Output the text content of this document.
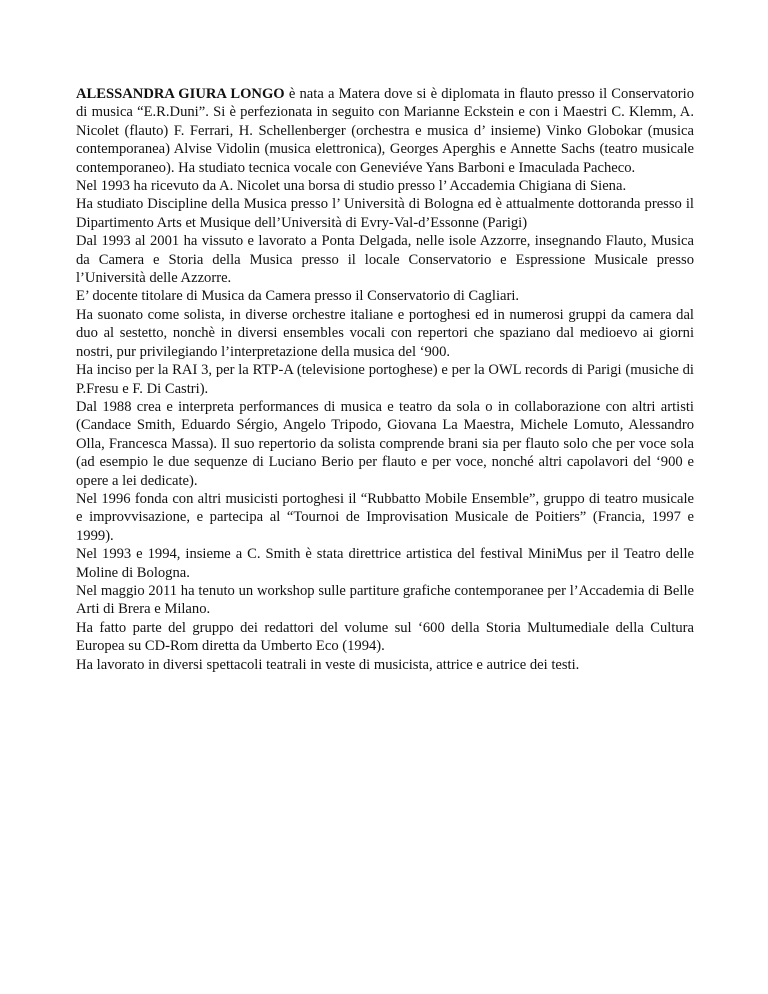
ALESSANDRA GIURA LONGO è nata a Matera dove si è diplomata in flauto presso il Conservatorio di musica “E.R.Duni”. Si è perfezionata in seguito con Marianne Eckstein e con i Maestri C. Klemm, A. Nicolet (flauto) F. Ferrari, H. Schellenberger (orchestra e musica d’ insieme) Vinko Globokar (musica contemporanea) Alvise Vidolin (musica elettronica), Georges Aperghis e Annette Sachs (teatro musicale contemporaneo). Ha studiato tecnica vocale con Geneviéve Yans Barboni e Imaculada Pacheco.

Nel 1993 ha ricevuto da A. Nicolet una borsa di studio presso l’ Accademia Chigiana di Siena.

Ha studiato Discipline della Musica presso l’ Università di Bologna ed è attualmente dottoranda presso il Dipartimento Arts et Musique dell’Università di Evry-Val-d’Essonne (Parigi)

Dal 1993 al 2001 ha vissuto e lavorato a Ponta Delgada, nelle isole Azzorre, insegnando Flauto, Musica da Camera e Storia della Musica presso il locale Conservatorio e Espressione Musicale presso l’Università delle Azzorre.

E’ docente titolare di Musica da Camera presso il Conservatorio di Cagliari.

Ha suonato come solista, in diverse orchestre italiane e portoghesi ed in numerosi gruppi da camera dal duo al sestetto, nonchè in diversi ensembles vocali con repertori che spaziano dal medioevo ai giorni nostri, pur privilegiando l’interpretazione della musica del ‘900.

Ha inciso per la RAI 3, per la RTP-A (televisione portoghese) e per la OWL records di Parigi (musiche di P.Fresu e F. Di Castri).

Dal 1988 crea e interpreta performances di musica e teatro da sola o in collaborazione con altri artisti (Candace Smith, Eduardo Sérgio, Angelo Tripodo, Giovana La Maestra, Michele Lomuto, Alessandro Olla, Francesca Massa). Il suo repertorio da solista comprende brani sia per flauto solo che per voce sola (ad esempio le due sequenze di Luciano Berio per flauto e per voce, nonché altri capolavori del ‘900 e opere a lei dedicate).

Nel 1996 fonda con altri musicisti portoghesi il “Rubbatto Mobile Ensemble”, gruppo di teatro musicale e improvvisazione, e partecipa al “Tournoi de Improvisation Musicale de Poitiers” (Francia, 1997 e 1999).

Nel 1993 e 1994, insieme a C. Smith è stata direttrice artistica del festival MiniMus per il Teatro delle Moline di Bologna.

Nel maggio 2011 ha tenuto un workshop sulle partiture grafiche contemporanee per l’Accademia di Belle Arti di Brera e Milano.

Ha fatto parte del gruppo dei redattori del volume sul ‘600 della Storia Multumediale della Cultura Europea su CD-Rom diretta da Umberto Eco (1994).

Ha lavorato in diversi spettacoli teatrali in veste di musicista, attrice e autrice dei testi.
